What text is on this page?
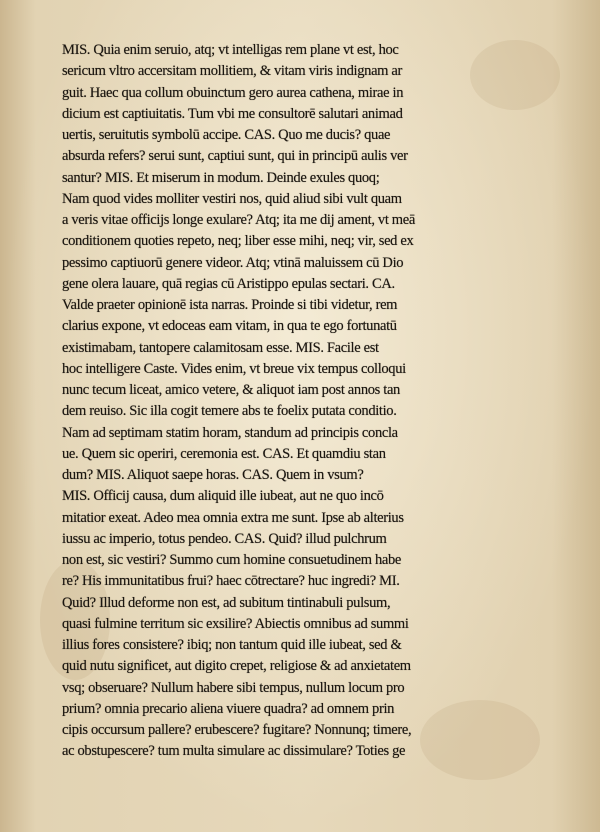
MIS. Quia enim seruio, atq; vt intelligas rem plane vt est, hoc
sericum vltro accersitam mollitiem, & vitam viris indignam ar
guit. Haec qua collum obuinctum gero aurea cathena, mirae in
dicium est captiuitatis. Tum vbi me consultorē salutari animad
uertis, seruitutis symbolū accipe. CAS. Quo me ducis? quae
absurda refers? serui sunt, captiui sunt, qui in principū aulis ver
santur? MIS. Et miserum in modum. Deinde exules quoq;
Nam quod vides molliter vestiri nos, quid aliud sibi vult quam
a veris vitae officijs longe exulare? Atq; ita me dij ament, vt meā
conditionem quoties repeto, neq; liber esse mihi, neq; vir, sed ex
pessimo captiuorū genere videor. Atq; vtinā maluissem cū Dio
gene olera lauare, quā regias cū Aristippo epulas sectari. CA.
Valde praeter opinionē ista narras. Proinde si tibi videtur, rem
clarius expone, vt edoceas eam vitam, in qua te ego fortunatū
existimabam, tantopere calamitosam esse. MIS. Facile est
hoc intelligere Caste. Vides enim, vt breue vix tempus colloqui
nunc tecum liceat, amico vetere, & aliquot iam post annos tan
dem reuiso. Sic illa cogit temere abs te foelix putata conditio.
Nam ad septimam statim horam, standum ad principis concla
ue. Quem sic operiri, ceremonia est. CAS. Et quamdiu stan
dum? MIS. Aliquot saepe horas. CAS. Quem in vsum?
MIS. Officij causa, dum aliquid ille iubeat, aut ne quo incō
mitatior exeat. Adeo mea omnia extra me sunt. Ipse ab alterius
iussu ac imperio, totus pendeo. CAS. Quid? illud pulchrum
non est, sic vestiri? Summo cum homine consuetudinem habe
re? His immunitatibus frui? haec cōtrectare? huc ingredi? MI.
Quid? Illud deforme non est, ad subitum tintinabuli pulsum,
quasi fulmine territum sic exsilire? Abiectis omnibus ad summi
illius fores consistere? ibiq; non tantum quid ille iubeat, sed &
quid nutu significet, aut digito crepet, religiose & ad anxietatem
vsq; obseruare? Nullum habere sibi tempus, nullum locum pro
prium? omnia precario aliena viuere quadra? ad omnem prin
cipis occursum pallere? erubescere? fugitare? Nonnunq; timere,
ac obstupescere? tum multa simulare ac dissimulare? Toties ge
